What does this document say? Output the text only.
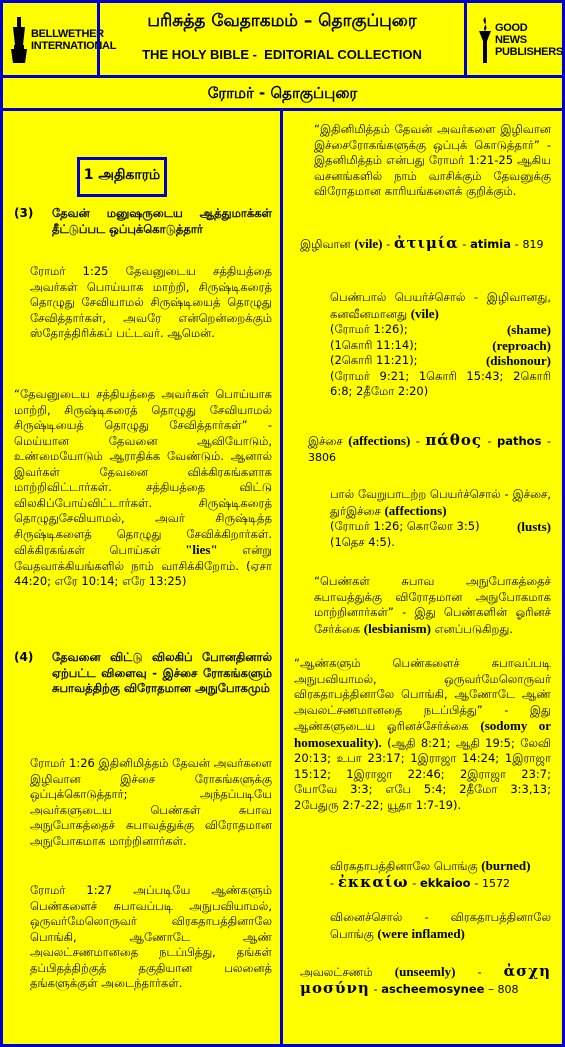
BELLWETHER INTERNATIONAL
பரிசுத்த வேதாகமம் – தொகுப்புரை
THE HOLY BIBLE -  EDITORIAL COLLECTION
GOOD NEWS PUBLISHERS
ரோமர் - தொகுப்புரை
1 அதிகாரம்
(3) தேவன் மனுஷருடைய ஆத்துமாக்கள் தீட்டுப்பட ஒப்புக்கொடுத்தார்
ரோமர் 1:25 தேவனுடைய சத்தியத்தை அவர்கள் பொய்யாக மாற்றி, சிருஷ்டிகரைத் தொழுது சேவியாமல் சிருஷ்டியைத் தொழுது சேவித்தார்கள், அவரே என்றென்றைக்கும் ஸ்தோத்திரிக்கப் பட்டவர். ஆமென்.
“தேவனுடைய சத்தியத்தை அவர்கள் பொய்யாக மாற்றி, சிருஷ்டிகரைத் தொழுது சேவியாமல் சிருஷ்டியைத் தொழுது சேவித்தார்கள்” - மெய்யான தேவனை ஆவியோடும், உண்மையோடும் ஆராதிக்க வேண்டும். ஆனால் இவர்கள் தேவனை விக்கிரகங்களாக மாற்றிவிட்டார்கள். சத்தியத்தை விட்டு விலகிப்போய்விட்டார்கள். சிருஷ்டிகரைத் தொழுதுசேவியாமல், அவர் சிருஷ்டித்த சிருஷ்டிகளைத் தொழுது சேவிக்கிறார்கள். விக்கிரகங்கள் பொய்கள் "lies" என்று வேதவாக்கியங்களில் நாம் வாசிக்கிறோம். (ஏசா 44:20; எரே 10:14; எரே 13:25)
(4) தேவனை விட்டு விலகிப் போனதினால் ஏற்பட்ட விளைவு - இச்சை ரோகங்களும் சுபாவத்திற்கு விரோதமான அநுபோகமும்
ரோமர் 1:26 இதினிமித்தம் தேவன் அவர்களை இழிவான இச்சை ரோகங்களுக்கு ஒப்புக்கொடுத்தார்; அந்தப்படியே அவர்களுடைய பெண்கள் சுபாவ அநுபோகத்தைச் சுபாவத்துக்கு விரோதமான அநுபோகமாக மாற்றினார்கள்.
ரோமர் 1:27 அப்படியே ஆண்களும் பெண்களைச் சுபாவப்படி அநுபவியாமல், ஒருவர்மேலொருவர் விரகதாபத்தினாலே பொங்கி, ஆணோடே ஆண் அவலட்சணமானதை நடப்பித்து, தங்கள் தப்பிதத்திற்குத் தகுதியான பலனைத் தங்களுக்குள் அடைந்தார்கள்.
“இதினிமித்தம் தேவன் அவர்களை இழிவான இச்சைரோகங்களுக்கு ஒப்புக் கொடுத்தார்” - இதனிமித்தம் என்பது ரோமர் 1:21-25 ஆகிய வசனங்களில் நாம் வாசிக்கும் தேவனுக்கு விரோதமான காரியங்களைக் குறிக்கும்.
இழிவான (vile) - ἀτιμία - atimia - 819
பெண்பால் பெயர்ச்சொல் - இழிவானது, கனவீனமானது (vile)
(ரோமர் 1:26);	(shame)
(1கொரி 11:14);	(reproach)
(2கொரி 11:21);	(dishonour)
(ரோமர் 9:21; 1கொரி 15:43; 2கொரி 6:8; 2தீமோ 2:20)
இச்சை (affections) - πάθος - pathos - 3806
பால் வேறுபாடற்ற பெயர்ச்சொல் - இச்சை, துர்இச்சை (affections)
(ரோமர் 1:26; கொலோ 3:5)	(lusts)
(1தெச 4:5).
“பெண்கள் சுபாவ அநுபோகத்தைச் சுபாவத்துக்கு விரோதமான அநுபோகமாக மாற்றினார்கள்” - இது பெண்களின் ஓரினச் சேர்க்கை (lesbianism) எனப்படுகிறது.
“ஆண்களும் பெண்களைச் சுபாவப்படி அநுபவியாமல், ஒருவர்மேலொருவர் விரகதாபத்தினாலே பொங்கி, ஆணோடே ஆண் அவலட்சணமானதை நடப்பித்து” - இது ஆண்களுடைய ஓரினச்சேர்க்கை (sodomy or homosexuality). (ஆதி 8:21; ஆதி 19:5; லேவி 20:13; உபா 23:17; 1இராஜா 14:24; 1இராஜா 15:12; 1இராஜா 22:46; 2இராஜா 23:7; யோவே 3:3; எபே 5:4; 2தீமோ 3:3,13; 2பேதுரு 2:7-22; யூதா 1:7-19).
விரகதாபத்தினாலே பொங்கு (burned)
- ἐκκαίω - ekkaioo - 1572
வினைச்சொல் - விரகதாபத்தினாலே பொங்கு (were inflamed)
அவலட்சணம் (unseemly) - ἀσχη μοσύνη - ascheemosynee – 808
